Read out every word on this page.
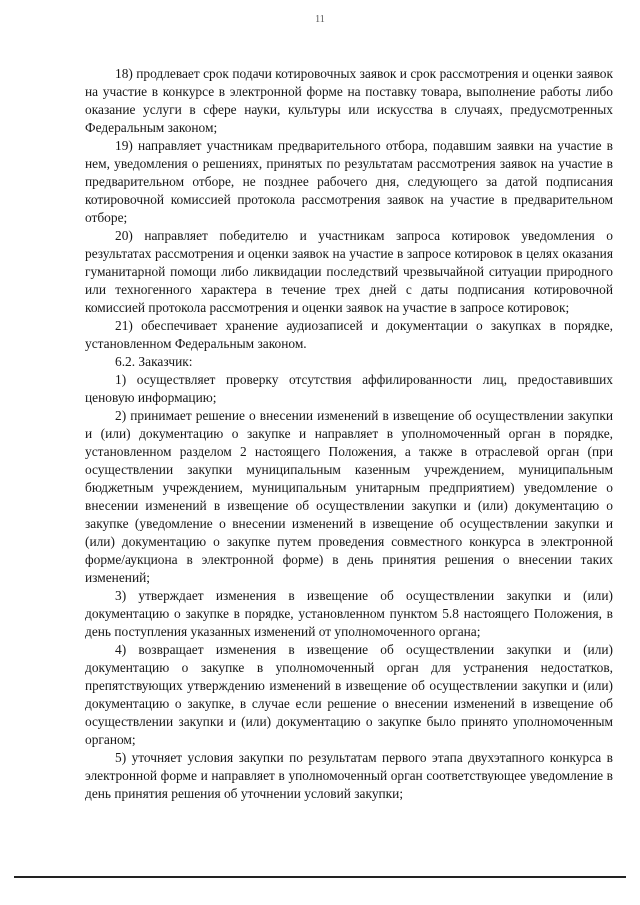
11

18) продлевает срок подачи котировочных заявок и срок рассмотрения и оценки заявок на участие в конкурсе в электронной форме на поставку товара, выполнение работы либо оказание услуги в сфере науки, культуры или искусства в случаях, предусмотренных Федеральным законом;

19) направляет участникам предварительного отбора, подавшим заявки на участие в нем, уведомления о решениях, принятых по результатам рассмотрения заявок на участие в предварительном отборе, не позднее рабочего дня, следующего за датой подписания котировочной комиссией протокола рассмотрения заявок на участие в предварительном отборе;

20) направляет победителю и участникам запроса котировок уведомления о результатах рассмотрения и оценки заявок на участие в запросе котировок в целях оказания гуманитарной помощи либо ликвидации последствий чрезвычайной ситуации природного или техногенного характера в течение трех дней с даты подписания котировочной комиссией протокола рассмотрения и оценки заявок на участие в запросе котировок;

21) обеспечивает хранение аудиозаписей и документации о закупках в порядке, установленном Федеральным законом.

6.2. Заказчик:

1) осуществляет проверку отсутствия аффилированности лиц, предоставивших ценовую информацию;

2) принимает решение о внесении изменений в извещение об осуществлении закупки и (или) документацию о закупке и направляет в уполномоченный орган в порядке, установленном разделом 2 настоящего Положения, а также в отраслевой орган (при осуществлении закупки муниципальным казенным учреждением, муниципальным бюджетным учреждением, муниципальным унитарным предприятием) уведомление о внесении изменений в извещение об осуществлении закупки и (или) документацию о закупке (уведомление о внесении изменений в извещение об осуществлении закупки и (или) документацию о закупке путем проведения совместного конкурса в электронной форме/аукциона в электронной форме) в день принятия решения о внесении таких изменений;

3) утверждает изменения в извещение об осуществлении закупки и (или) документацию о закупке в порядке, установленном пунктом 5.8 настоящего Положения, в день поступления указанных изменений от уполномоченного органа;

4) возвращает изменения в извещение об осуществлении закупки и (или) документацию о закупке в уполномоченный орган для устранения недостатков, препятствующих утверждению изменений в извещение об осуществлении закупки и (или) документацию о закупке, в случае если решение о внесении изменений в извещение об осуществлении закупки и (или) документацию о закупке было принято уполномоченным органом;

5) уточняет условия закупки по результатам первого этапа двухэтапного конкурса в электронной форме и направляет в уполномоченный орган соответствующее уведомление в день принятия решения об уточнении условий закупки;
